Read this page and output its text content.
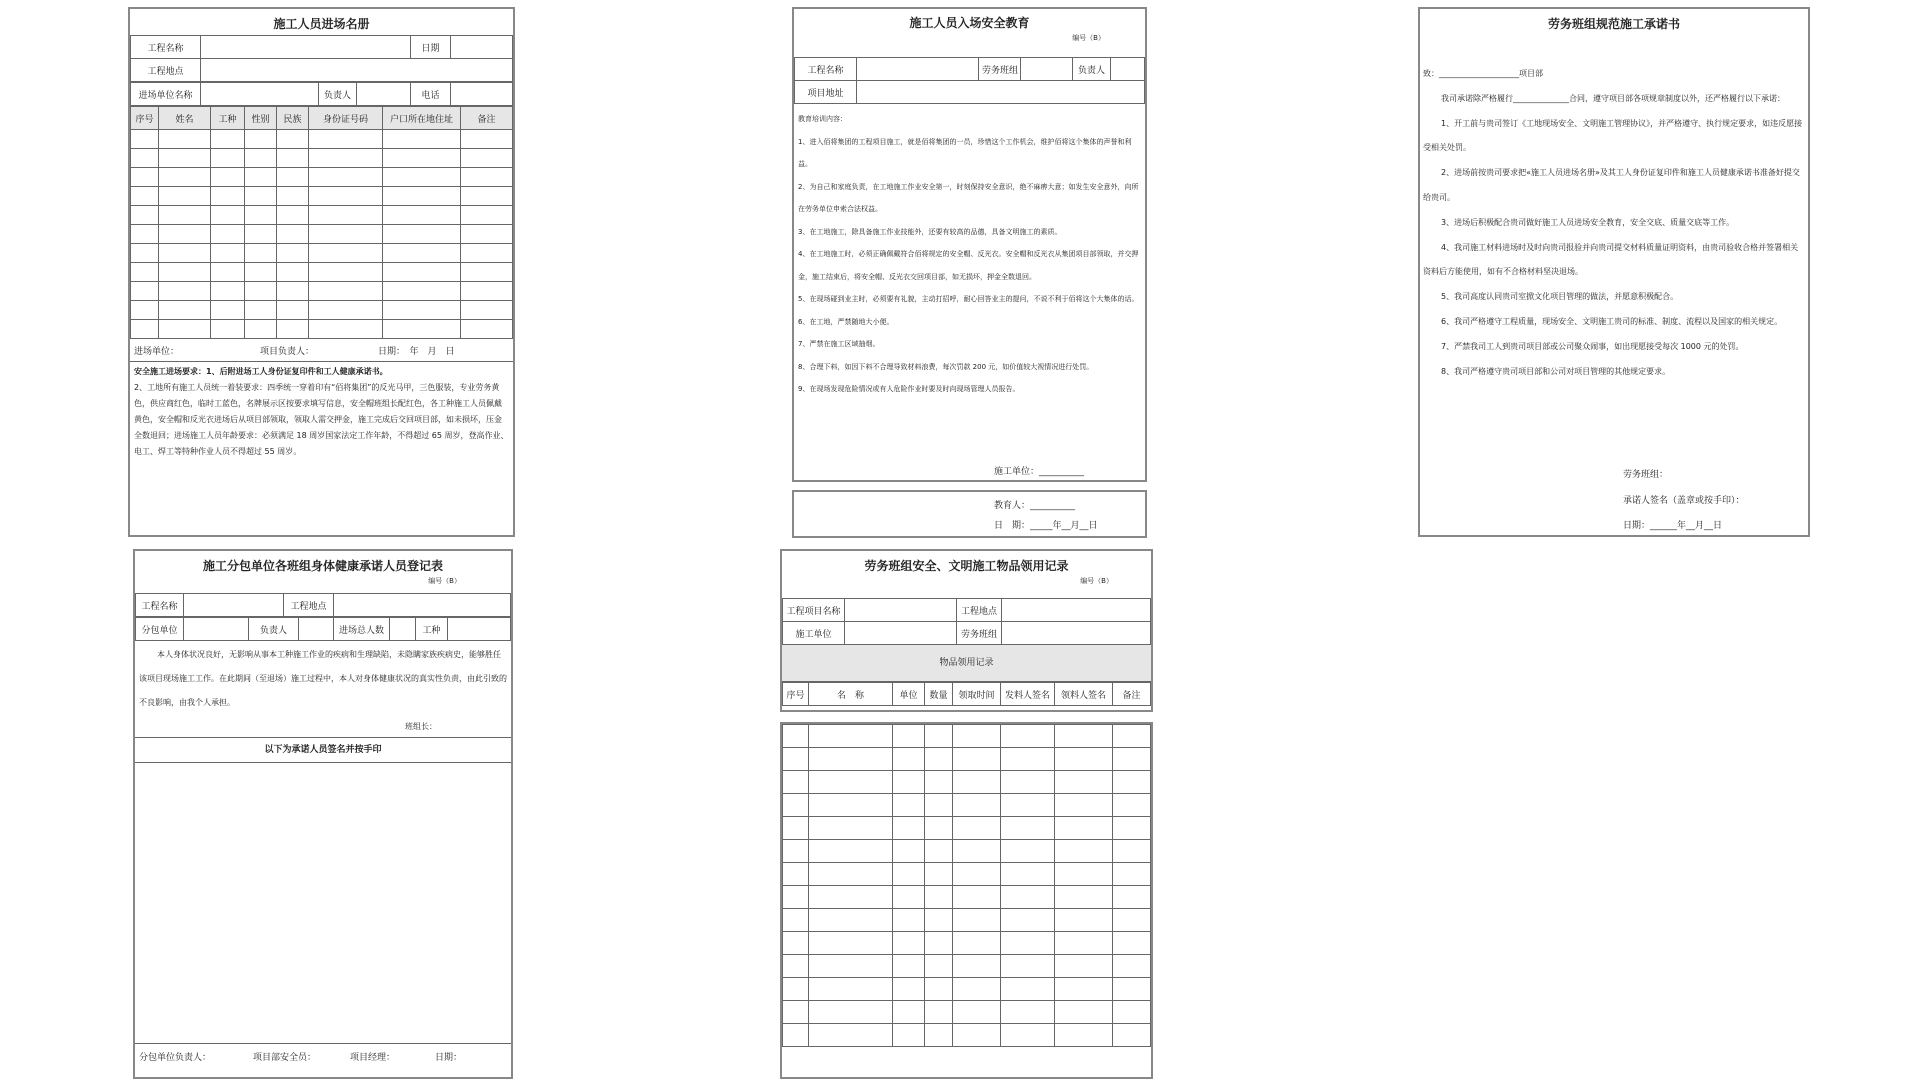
施工人员进场名册
工程名称		日期	
工程地点			
进场单位名称		负责人		电话	
序号	姓名	工种	性别	民族	身份证号码	户口所在地住址	备注

进场单位：	项目负责人：	日期：　年　月　日
安全施工进场要求：1、后附进场工人身份证复印件和工人健康承诺书。
2、工地所有施工人员统一着装要求：四季统一穿着印有“佰将集团”的反光马甲，三色服装，专业劳务黄色，供应商红色，临时工蓝色，名牌展示区按要求填写信息，安全帽班组长配红色，各工种施工人员佩戴黄色，安全帽和反光衣进场后从项目部领取，领取人需交押金，施工完成后交回项目部，如未损坏，压金全数退回；进场施工人员年龄要求：必须满足 18 周岁国家法定工作年龄，不得超过 65 周岁，登高作业、电工、焊工等特种作业人员不得超过 55 周岁。
施工人员入场安全教育
编号（B）
工程名称		劳务班组		负责人	
项目地址					
教育培训内容：
1、进入佰将集团的工程项目施工，就是佰将集团的一员，珍惜这个工作机会，维护佰将这个集体的声誉和利益。
2、为自己和家庭负责，在工地施工作业安全第一，时刻保持安全意识，绝不麻痹大意；如发生安全意外，向所在劳务单位申索合法权益。
3、在工地施工，除具备施工作业技能外，还要有较高的品德，具备文明施工的素质。
4、在工地施工时，必须正确佩戴符合佰将规定的安全帽、反光衣。安全帽和反光衣从集团项目部领取，并交押金，施工结束后，将安全帽、反光衣交回项目部，如无损坏，押金全数退回。
5、在现场碰到业主时，必须要有礼貌，主动打招呼，耐心回答业主的提问，不说不利于佰将这个大集体的话。
6、在工地，严禁随地大小便。
7、严禁在施工区域抽烟。
8、合理下料，如因下料不合理导致材料浪费，每次罚款 200 元，如价值较大视情况进行处罚。
9、在现场发现危险情况或有人危险作业时要及时向现场管理人员报告。
施工单位：__________
教育人：__________
日　期：_____年__月__日
劳务班组规范施工承诺书
致：____________________项目部
我司承诺除严格履行______________合同，遵守项目部各项规章制度以外，还严格履行以下承诺：
1、开工前与贵司签订《工地现场安全、文明施工管理协议》，并严格遵守、执行规定要求，如违反愿接受相关处罚。
2、进场前按贵司要求把«施工人员进场名册»及其工人身份证复印件和施工人员健康承诺书准备好提交给贵司。
3、进场后积极配合贵司做好施工人员进场安全教育，安全交底、质量交底等工作。
4、我司施工材料进场时及时向贵司报验并向贵司提交材料质量证明资料，由贵司验收合格并签署相关资料后方能使用，如有不合格材料坚决退场。
5、我司高度认同贵司室掀文化项目管理的做法，并愿意积极配合。
6、我司严格遵守工程质量，现场安全、文明施工贵司的标准、制度、流程以及国家的相关规定。
7、严禁我司工人到贵司项目部或公司聚众闹事，如出现愿接受每次 1000 元的处罚。
8、我司严格遵守贵司项目部和公司对项目管理的其他规定要求。
劳务班组：
承诺人签名（盖章或按手印）：
日期：______年__月__日
施工分包单位各班组身体健康承诺人员登记表
编号（B）
工程名称		工程地点	
分包单位		负责人		进场总人数		工种	
本人身体状况良好，无影响从事本工种施工作业的疾病和生理缺陷，未隐瞒家族疾病史，能够胜任该项目现场施工工作。在此期间（至退场）施工过程中，本人对身体健康状况的真实性负责，由此引致的不良影响，由我个人承担。
班组长：
以下为承诺人员签名并按手印
分包单位负责人：	项目部安全员：	项目经理：	日期：
劳务班组安全、文明施工物品领用记录
编号（B）
工程项目名称		工程地点	
施工单位		劳务班组	
物品领用记录
序号	名　称	单位	数量	领取时间	发料人签名	领料人签名	备注
